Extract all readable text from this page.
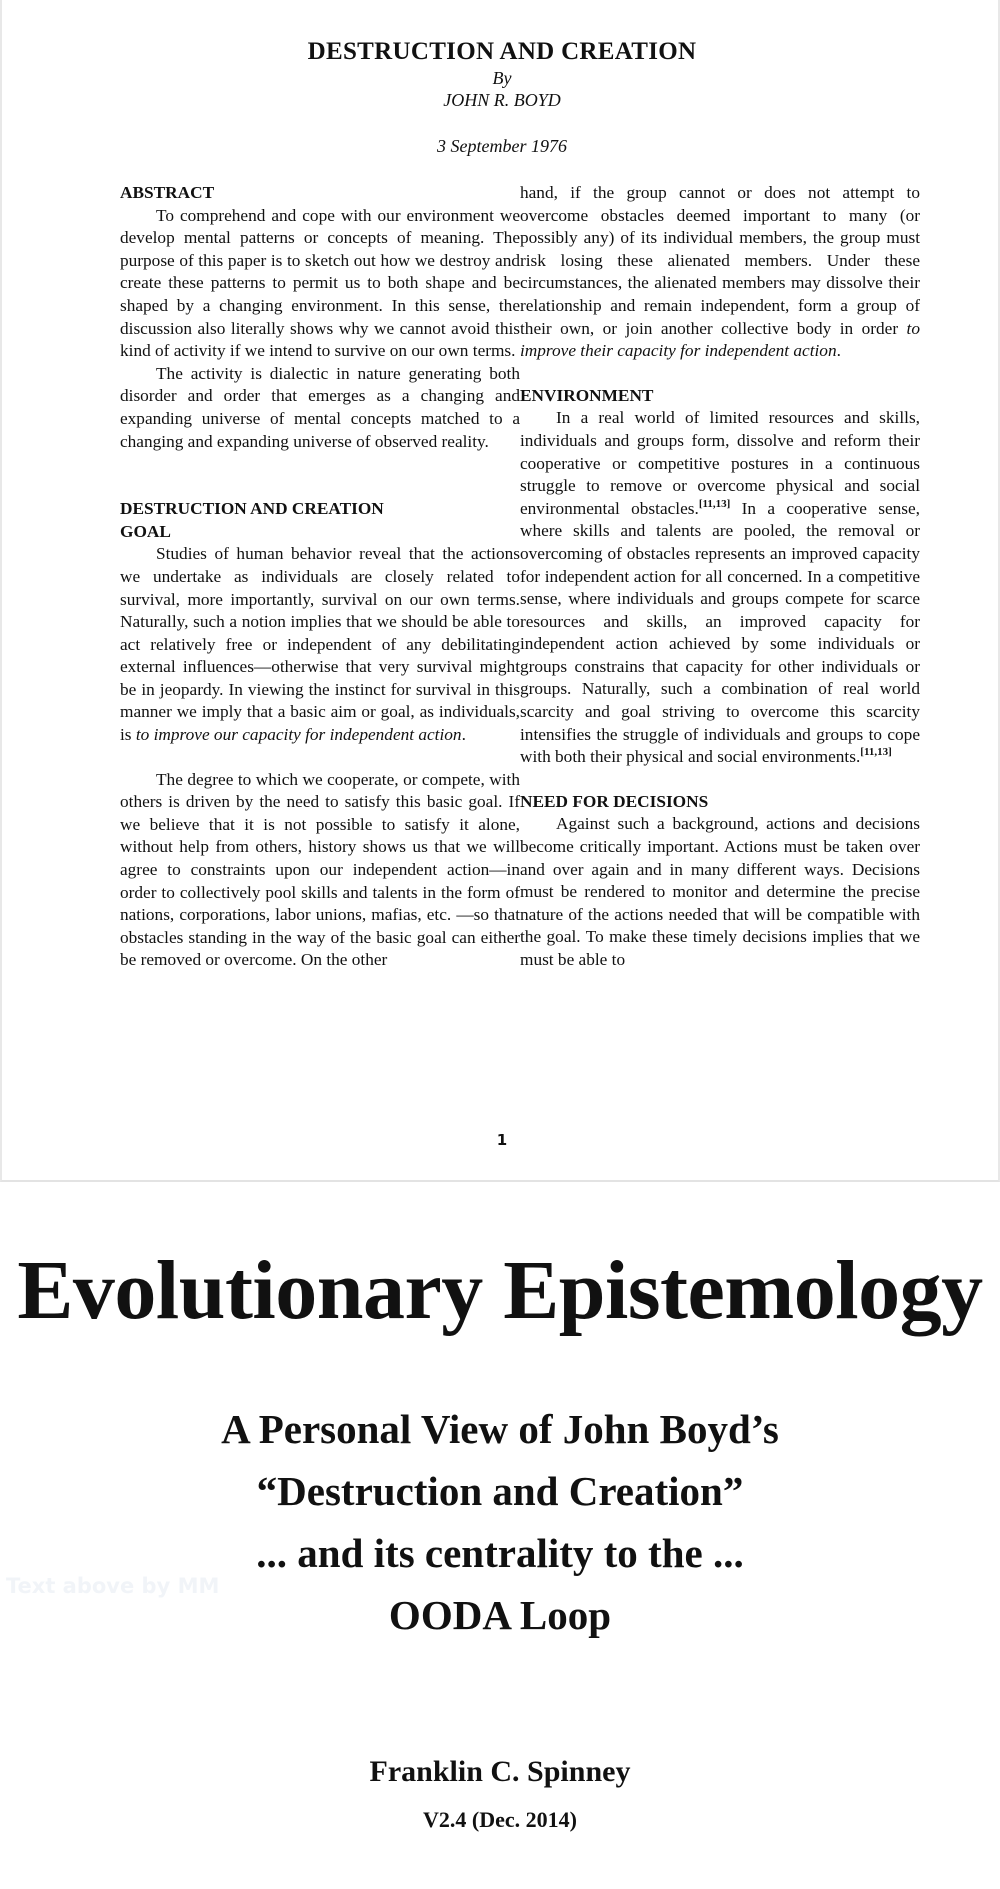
DESTRUCTION AND CREATION
By
JOHN R. BOYD
3 September 1976
ABSTRACT

To comprehend and cope with our environment we develop mental patterns or concepts of meaning. The purpose of this paper is to sketch out how we destroy and create these patterns to permit us to both shape and be shaped by a changing environment. In this sense, the discussion also literally shows why we cannot avoid this kind of activity if we intend to survive on our own terms.

The activity is dialectic in nature generating both disorder and order that emerges as a changing and expanding universe of mental concepts matched to a changing and expanding universe of observed reality.

DESTRUCTION AND CREATION
GOAL

Studies of human behavior reveal that the actions we undertake as individuals are closely related to survival, more importantly, survival on our own terms. Naturally, such a notion implies that we should be able to act relatively free or independent of any debilitating external influences—otherwise that very survival might be in jeopardy. In viewing the instinct for survival in this manner we imply that a basic aim or goal, as individuals, is to improve our capacity for independent action.

The degree to which we cooperate, or compete, with others is driven by the need to satisfy this basic goal. If we believe that it is not possible to satisfy it alone, without help from others, history shows us that we will agree to constraints upon our independent action—in order to collectively pool skills and talents in the form of nations, corporations, labor unions, mafias, etc. —so that obstacles standing in the way of the basic goal can either be removed or overcome. On the other

hand, if the group cannot or does not attempt to overcome obstacles deemed important to many (or possibly any) of its individual members, the group must risk losing these alienated members. Under these circumstances, the alienated members may dissolve their relationship and remain independent, form a group of their own, or join another collective body in order to improve their capacity for independent action.

ENVIRONMENT

In a real world of limited resources and skills, individuals and groups form, dissolve and reform their cooperative or competitive postures in a continuous struggle to remove or overcome physical and social environmental obstacles.[11,13] In a cooperative sense, where skills and talents are pooled, the removal or overcoming of obstacles represents an improved capacity for independent action for all concerned. In a competitive sense, where individuals and groups compete for scarce resources and skills, an improved capacity for independent action achieved by some individuals or groups constrains that capacity for other individuals or groups. Naturally, such a combination of real world scarcity and goal striving to overcome this scarcity intensifies the struggle of individuals and groups to cope with both their physical and social environments.[11,13]

NEED FOR DECISIONS

Against such a background, actions and decisions become critically important. Actions must be taken over and over again and in many different ways. Decisions must be rendered to monitor and determine the precise nature of the actions needed that will be compatible with the goal. To make these timely decisions implies that we must be able to

1
Evolutionary Epistemology
A Personal View of John Boyd’s
“Destruction and Creation”
... and its centrality to the ...
OODA Loop
Text above by MM
Franklin C. Spinney
V2.4 (Dec. 2014)
